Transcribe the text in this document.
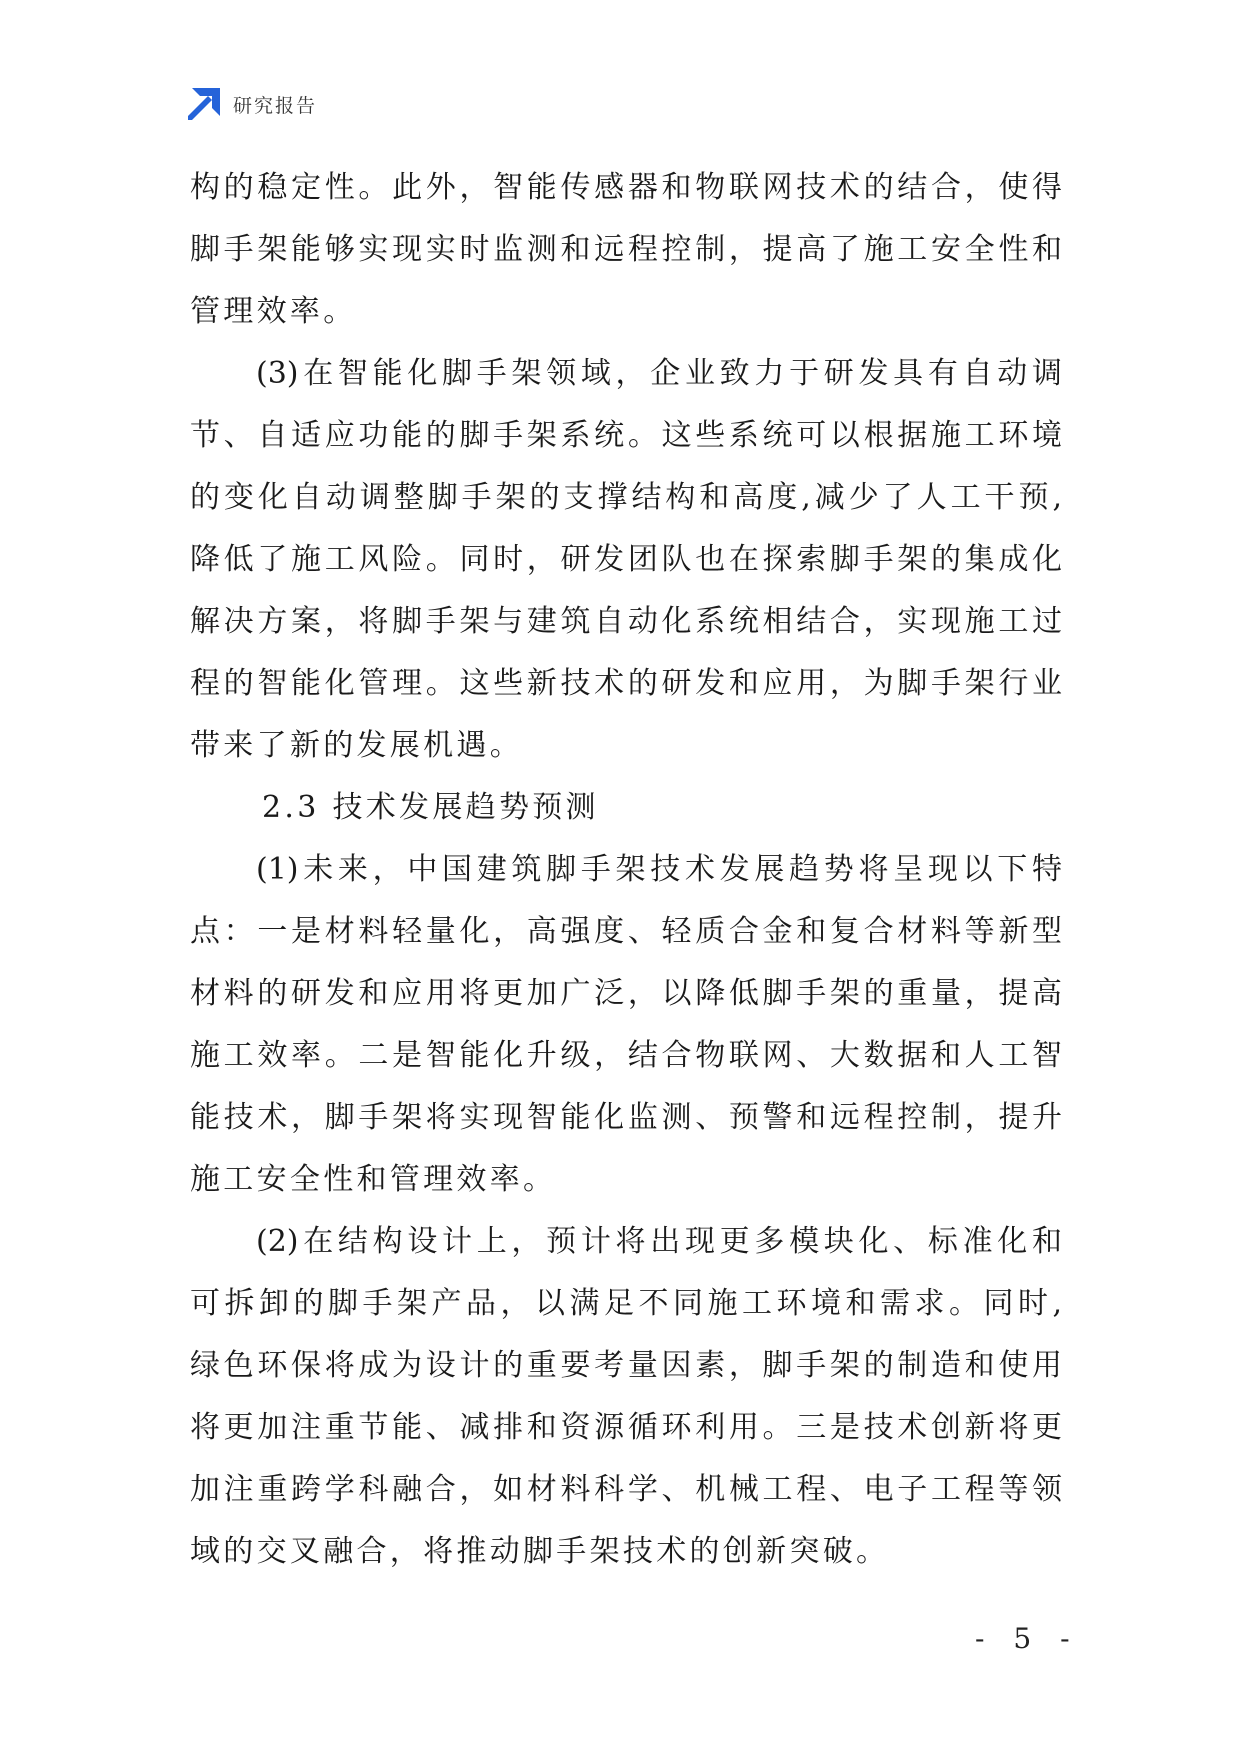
研究报告
构的稳定性。此外，智能传感器和物联网技术的结合，使得
脚手架能够实现实时监测和远程控制，提高了施工安全性和
管理效率。
(3)在智能化脚手架领域，企业致力于研发具有自动调
节、自适应功能的脚手架系统。这些系统可以根据施工环境
的变化自动调整脚手架的支撑结构和高度,减少了人工干预,
降低了施工风险。同时，研发团队也在探索脚手架的集成化
解决方案，将脚手架与建筑自动化系统相结合，实现施工过
程的智能化管理。这些新技术的研发和应用，为脚手架行业
带来了新的发展机遇。
2.3 技术发展趋势预测
(1)未来，中国建筑脚手架技术发展趋势将呈现以下特
点：一是材料轻量化，高强度、轻质合金和复合材料等新型
材料的研发和应用将更加广泛，以降低脚手架的重量，提高
施工效率。二是智能化升级，结合物联网、大数据和人工智
能技术，脚手架将实现智能化监测、预警和远程控制，提升
施工安全性和管理效率。
(2)在结构设计上，预计将出现更多模块化、标准化和
可拆卸的脚手架产品，以满足不同施工环境和需求。同时,
绿色环保将成为设计的重要考量因素，脚手架的制造和使用
将更加注重节能、减排和资源循环利用。三是技术创新将更
加注重跨学科融合，如材料科学、机械工程、电子工程等领
域的交叉融合，将推动脚手架技术的创新突破。
- 5 -
